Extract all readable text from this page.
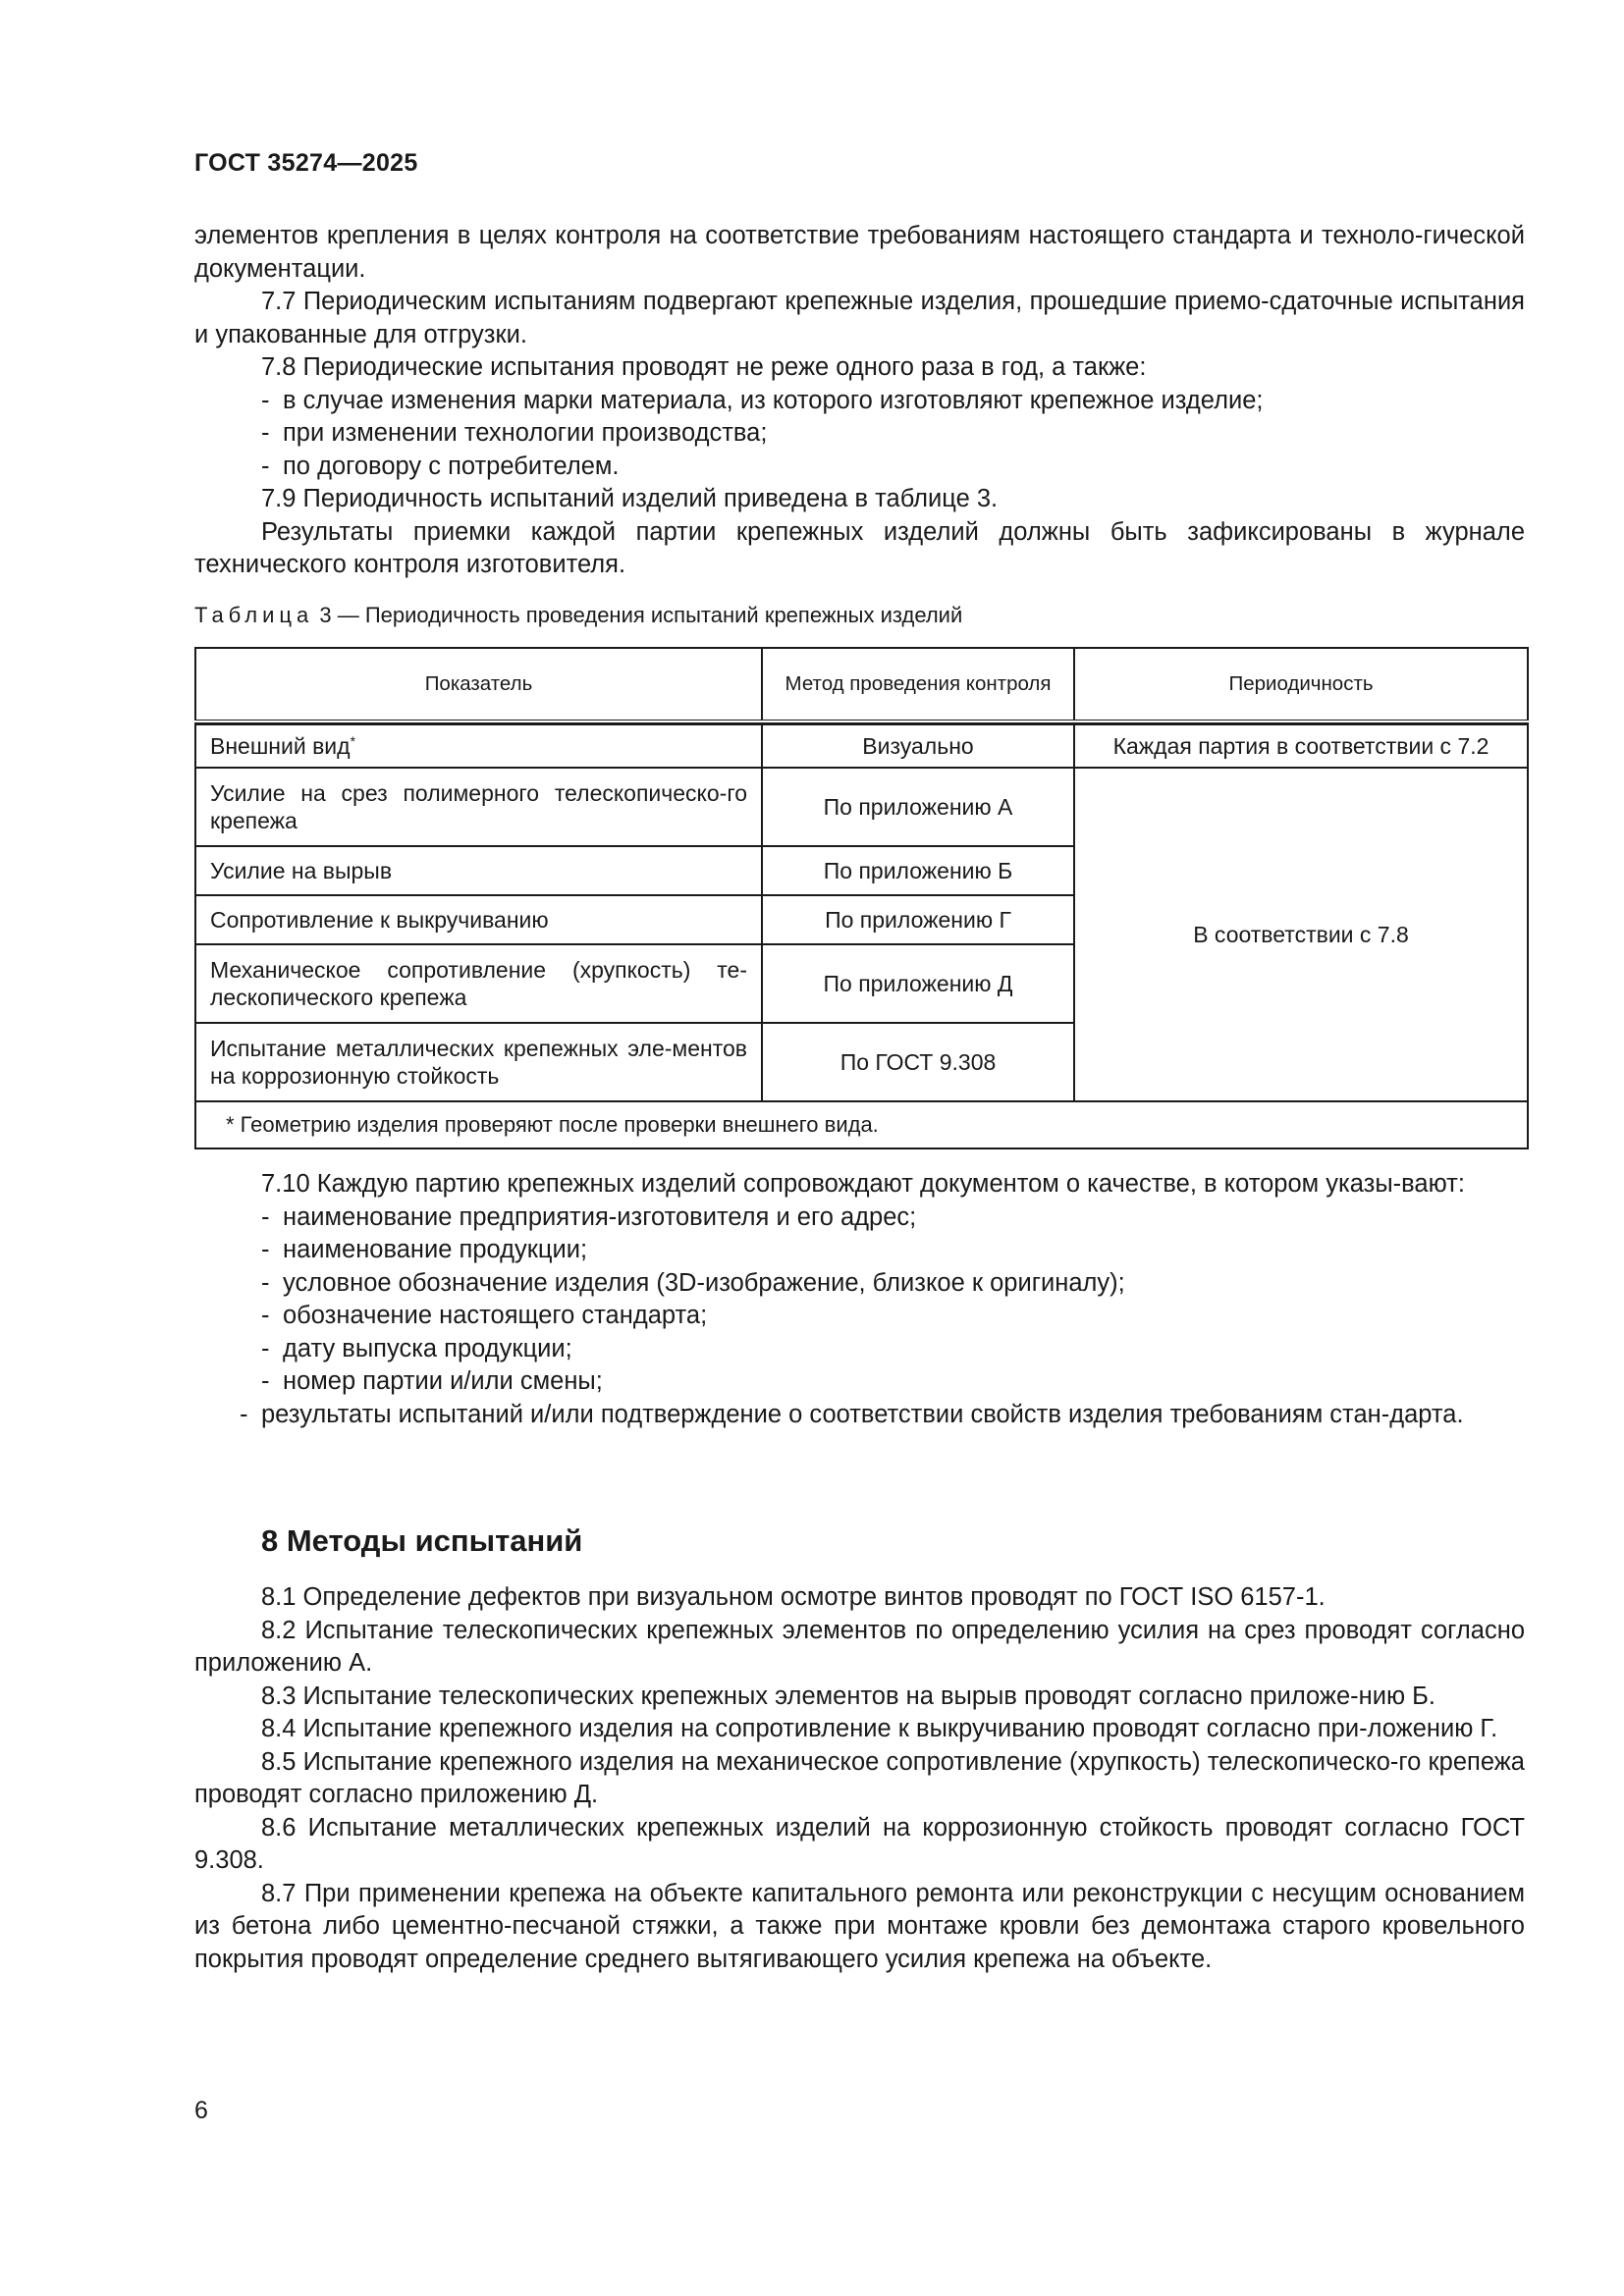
ГОСТ 35274—2025

элементов крепления в целях контроля на соответствие требованиям настоящего стандарта и техноло-гической документации.

7.7 Периодическим испытаниям подвергают крепежные изделия, прошедшие приемо-сдаточные испытания и упакованные для отгрузки.

7.8 Периодические испытания проводят не реже одного раза в год, а также:

- в случае изменения марки материала, из которого изготовляют крепежное изделие;

- при изменении технологии производства;

- по договору с потребителем.

7.9 Периодичность испытаний изделий приведена в таблице 3.

Результаты приемки каждой партии крепежных изделий должны быть зафиксированы в журнале технического контроля изготовителя.

Таблица 3 — Периодичность проведения испытаний крепежных изделий
Показатель	Метод проведения контроля	Периодичность

Внешний вид*	Визуально	Каждая партия в соответствии с 7.2
Усилие на срез полимерного телескопическо-го крепежа	По приложению А	В соответствии с 7.8
Усилие на вырыв	По приложению Б	
Сопротивление к выкручиванию	По приложению Г	
Механическое сопротивление (хрупкость) те-лескопического крепежа	По приложению Д	
Испытание металлических крепежных эле-ментов на коррозионную стойкость	По ГОСТ 9.308	
* Геометрию изделия проверяют после проверки внешнего вида.		

7.10 Каждую партию крепежных изделий сопровождают документом о качестве, в котором указы-вают:

- наименование предприятия-изготовителя и его адрес;

- наименование продукции;

- условное обозначение изделия (3D-изображение, близкое к оригиналу);

- обозначение настоящего стандарта;

- дату выпуска продукции;

- номер партии и/или смены;

- результаты испытаний и/или подтверждение о соответствии свойств изделия требованиям стан-дарта.

8 Методы испытаний

8.1 Определение дефектов при визуальном осмотре винтов проводят по ГОСТ ISO 6157-1.

8.2 Испытание телескопических крепежных элементов по определению усилия на срез проводят согласно приложению А.

8.3 Испытание телескопических крепежных элементов на вырыв проводят согласно приложе-нию Б.

8.4 Испытание крепежного изделия на сопротивление к выкручиванию проводят согласно при-ложению Г.

8.5 Испытание крепежного изделия на механическое сопротивление (хрупкость) телескопическо-го крепежа проводят согласно приложению Д.

8.6 Испытание металлических крепежных изделий на коррозионную стойкость проводят согласно ГОСТ 9.308.

8.7 При применении крепежа на объекте капитального ремонта или реконструкции с несущим основанием из бетона либо цементно-песчаной стяжки, а также при монтаже кровли без демонтажа старого кровельного покрытия проводят определение среднего вытягивающего усилия крепежа на объекте.

6
